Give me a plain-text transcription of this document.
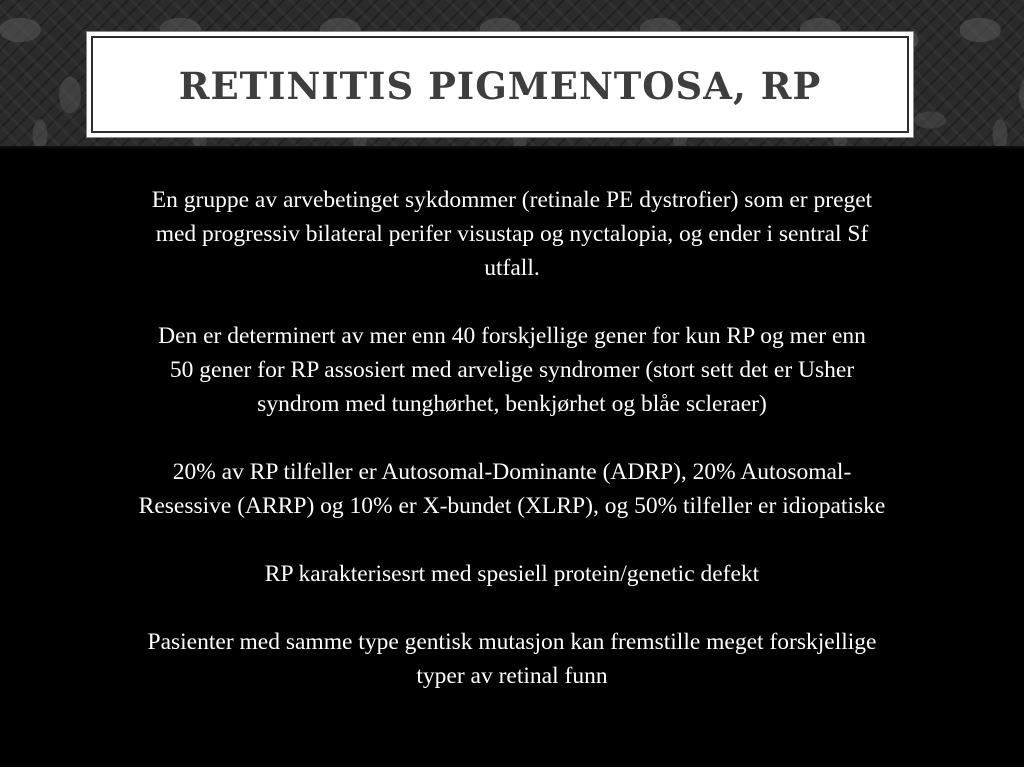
RETINITIS PIGMENTOSA, RP

En gruppe av arvebetinget sykdommer (retinale PE dystrofier) som er preget
med progressiv bilateral perifer visustap og nyctalopia, og ender i sentral Sf
utfall.

Den er determinert av mer enn 40 forskjellige gener for kun RP og mer enn
50 gener for RP assosiert med arvelige syndromer (stort sett det er Usher
syndrom med tunghørhet, benkjørhet og blåe scleraer)

20% av RP tilfeller er Autosomal-Dominante (ADRP), 20% Autosomal-
Resessive (ARRP) og 10% er X-bundet (XLRP), og 50% tilfeller er idiopatiske

RP karakterisesrt med spesiell protein/genetic defekt

Pasienter med samme type gentisk mutasjon kan fremstille meget forskjellige
typer av retinal funn
